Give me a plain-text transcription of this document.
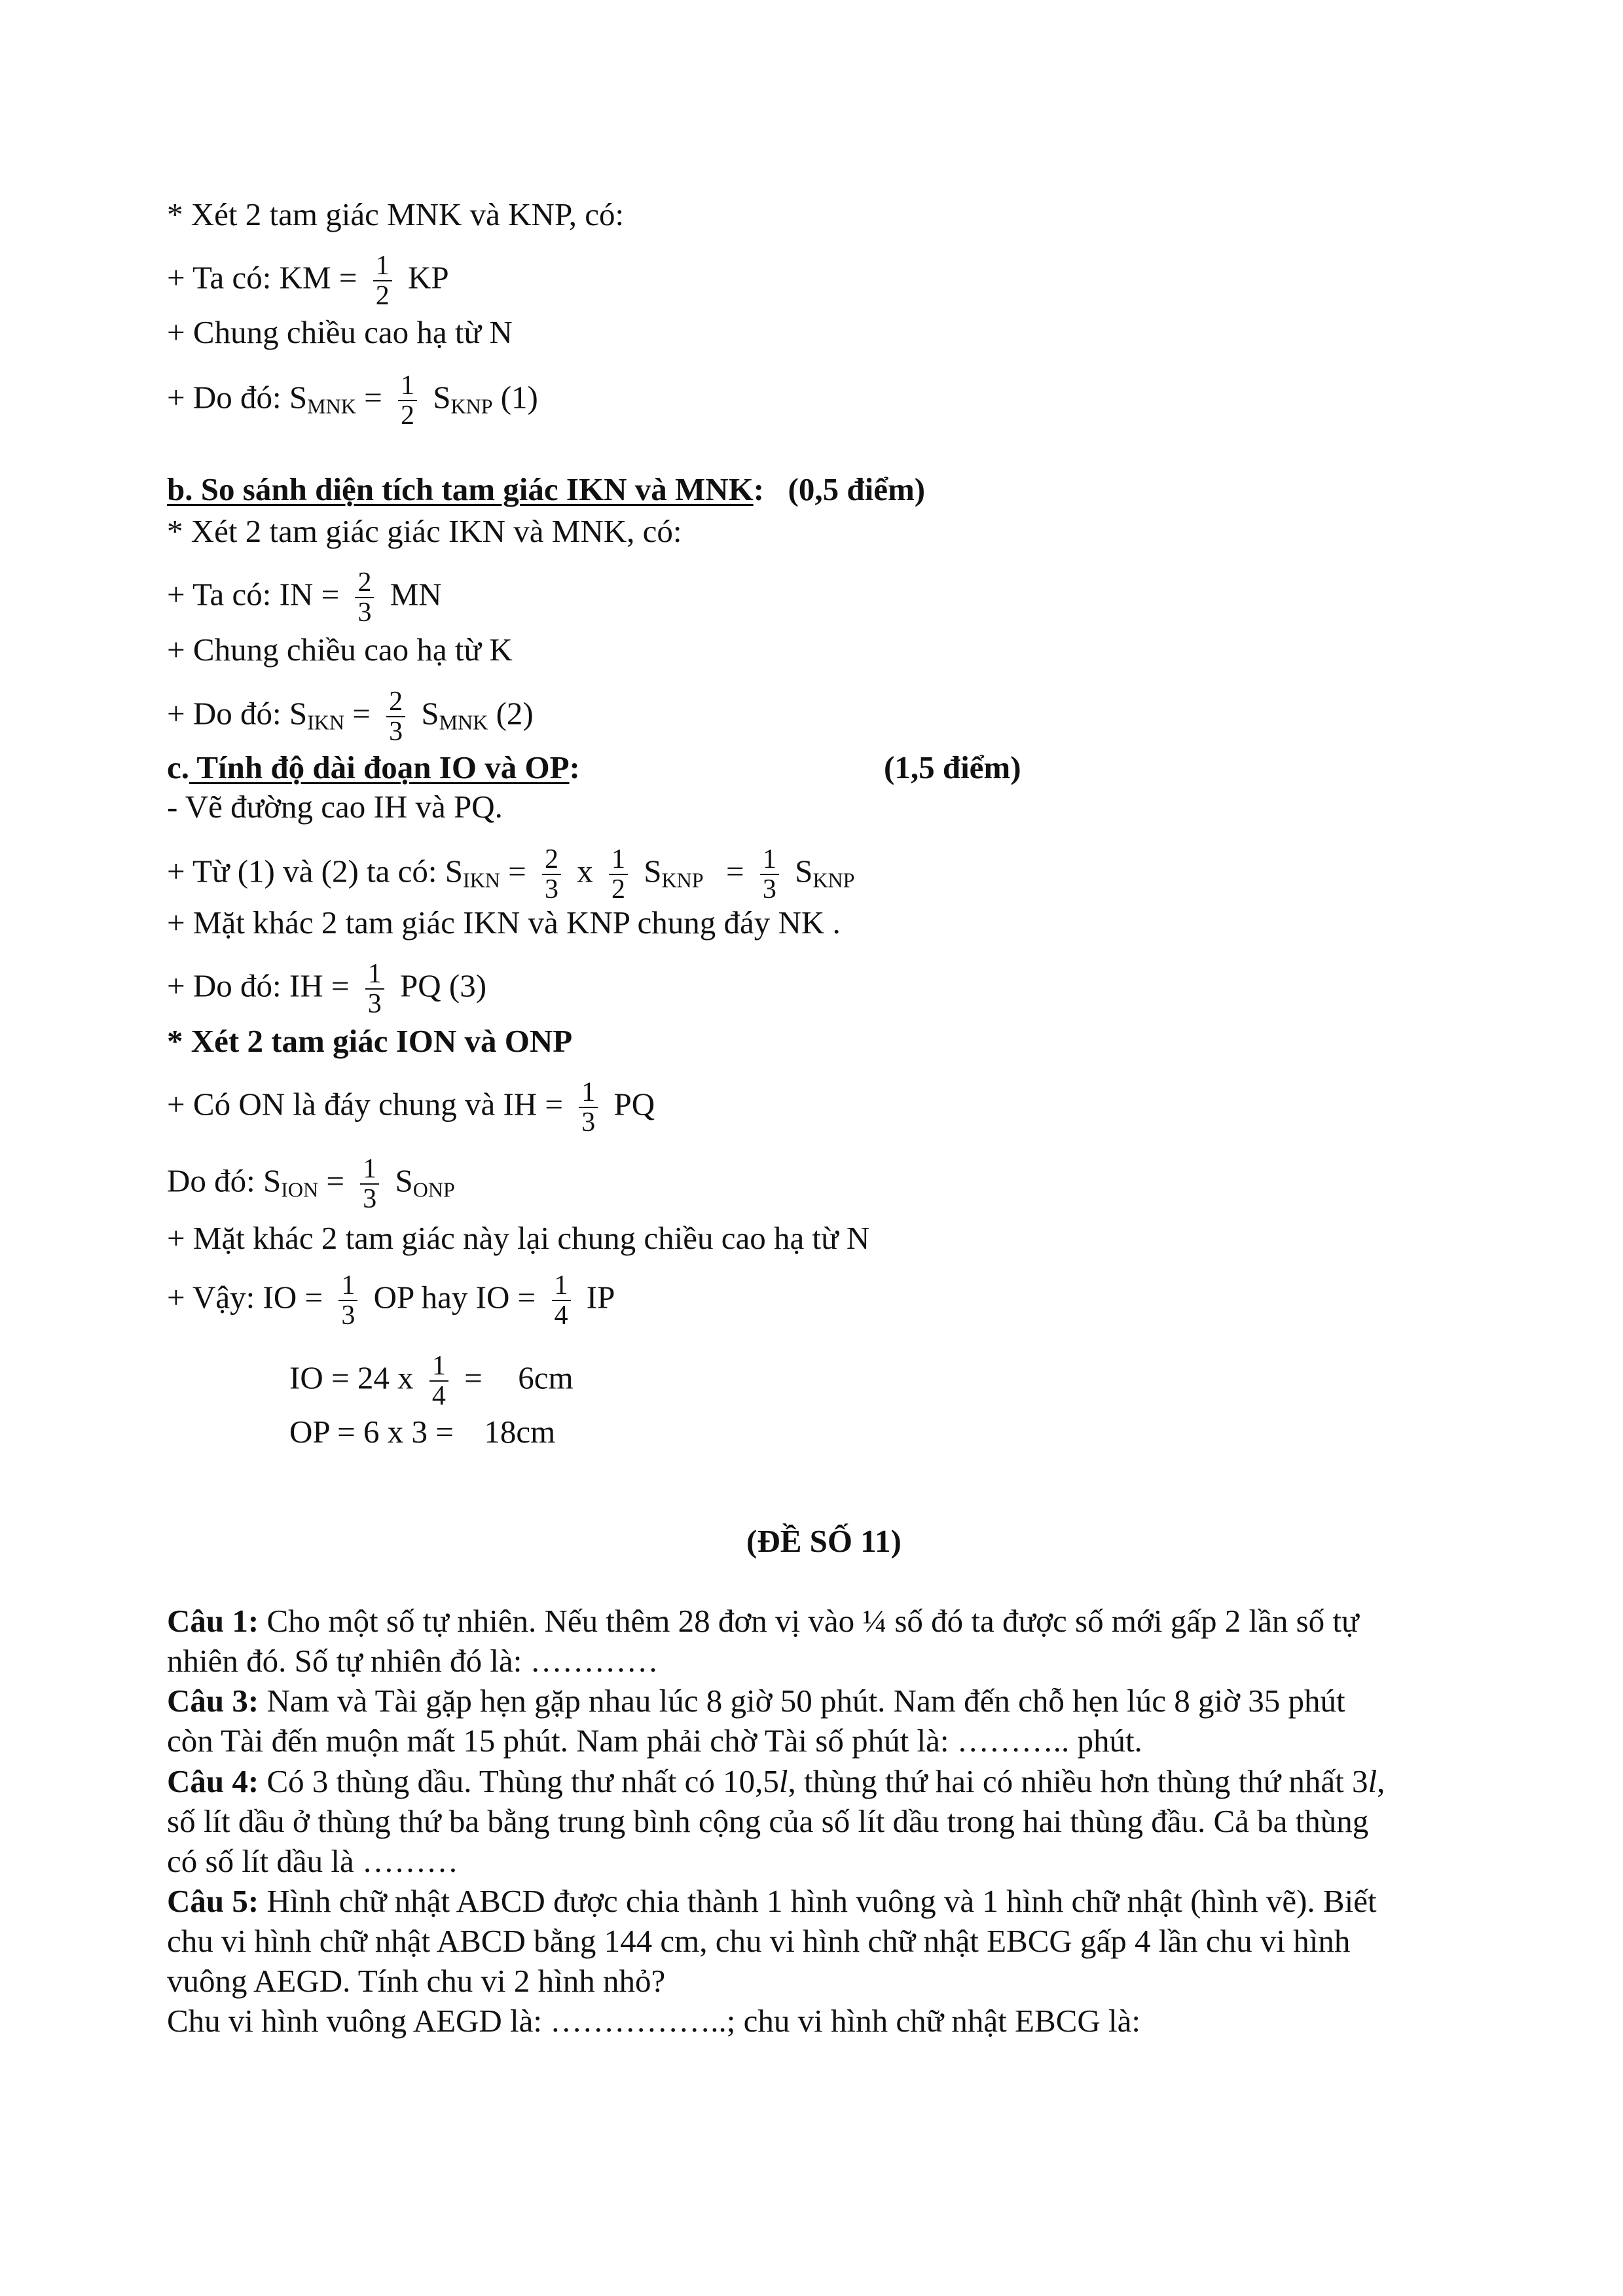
* Xét 2 tam giác MNK và KNP, có:
+ Ta có: KM = $\frac{1}{2}$ KP
+ Chung chiều cao hạ từ N
+ Do đó: $S_{MNK} = \frac{1}{2} S_{KNP}$ (1)
b. So sánh diện tích tam giác IKN và MNK: (0,5 điểm)
* Xét 2 tam giác giác IKN và MNK, có:
+ Ta có: IN = $\frac{2}{3}$ MN
+ Chung chiều cao hạ từ K
+ Do đó: $S_{IKN} = \frac{2}{3} S_{MNK}$ (2)
c. Tính độ dài đoạn IO và OP:	(1,5 điểm)
- Vẽ đường cao IH và PQ.
+ Từ (1) và (2) ta có: $S_{IKN} = \frac{2}{3}$ x $\frac{1}{2} S_{KNP} = \frac{1}{3} S_{KNP}$
+ Mặt khác 2 tam giác IKN và KNP chung đáy NK .
+ Do đó: IH = $\frac{1}{3}$ PQ (3)
* Xét 2 tam giác ION và ONP
+ Có ON là đáy chung và IH = $\frac{1}{3}$ PQ
Do đó: $S_{ION} = \frac{1}{3} S_{ONP}$
+ Mặt khác 2 tam giác này lại chung chiều cao hạ từ N
+ Vậy: IO = $\frac{1}{3}$ OP hay IO = $\frac{1}{4}$ IP
IO = 24 x $\frac{1}{4} = 6cm$
OP = 6 x 3 = 18cm
(ĐỀ SỐ 11)
Câu 1: Cho một số tự nhiên. Nếu thêm 28 đơn vị vào ¼ số đó ta được số mới gấp 2 lần số tự
nhiên đó. Số tự nhiên đó là: …………
Câu 3: Nam và Tài gặp hẹn gặp nhau lúc 8 giờ 50 phút. Nam đến chỗ hẹn lúc 8 giờ 35 phút
còn Tài đến muộn mất 15 phút. Nam phải chờ Tài số phút là: ……….. phút.
Câu 4: Có 3 thùng dầu. Thùng thư nhất có 10,5l, thùng thứ hai có nhiều hơn thùng thứ nhất 3l,
số lít dầu ở thùng thứ ba bằng trung bình cộng của số lít dầu trong hai thùng đầu. Cả ba thùng
có số lít dầu là ………
Câu 5: Hình chữ nhật ABCD được chia thành 1 hình vuông và 1 hình chữ nhật (hình vẽ). Biết
chu vi hình chữ nhật ABCD bằng 144 cm, chu vi hình chữ nhật EBCG gấp 4 lần chu vi hình
vuông AEGD. Tính chu vi 2 hình nhỏ?
Chu vi hình vuông AEGD là: ……………..; chu vi hình chữ nhật EBCG là:
